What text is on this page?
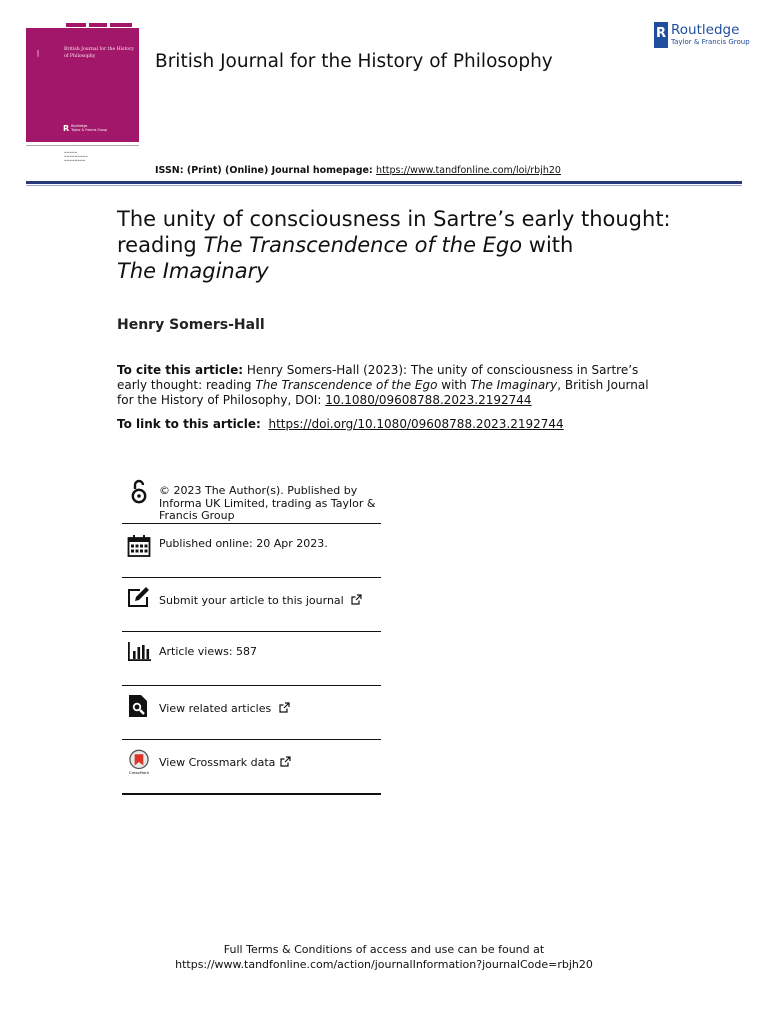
BJHP
British Journal for the History of Philosophy
R Routledge
Taylor & Francis Group
▬▬▬▬▬
▬▬▬▬▬▬▬▬▬
▬▬▬▬▬▬▬▬
British Journal for the History of Philosophy
R Routledge
Taylor & Francis Group
ISSN: (Print) (Online) Journal homepage: https://www.tandfonline.com/loi/rbjh20
The unity of consciousness in Sartre’s early thought: reading The Transcendence of the Ego with
The Imaginary
Henry Somers-Hall
To cite this article: Henry Somers-Hall (2023): The unity of consciousness in Sartre’s early thought: reading The Transcendence of the Ego with The Imaginary, British Journal for the History of Philosophy, DOI: 10.1080/09608788.2023.2192744
To link to this article: https://doi.org/10.1080/09608788.2023.2192744
© 2023 The Author(s). Published by Informa UK Limited, trading as Taylor & Francis Group
Published online: 20 Apr 2023.
Submit your article to this journal
Article views: 587
View related articles
CrossMark
View Crossmark data
Full Terms & Conditions of access and use can be found at
https://www.tandfonline.com/action/journalInformation?journalCode=rbjh20
